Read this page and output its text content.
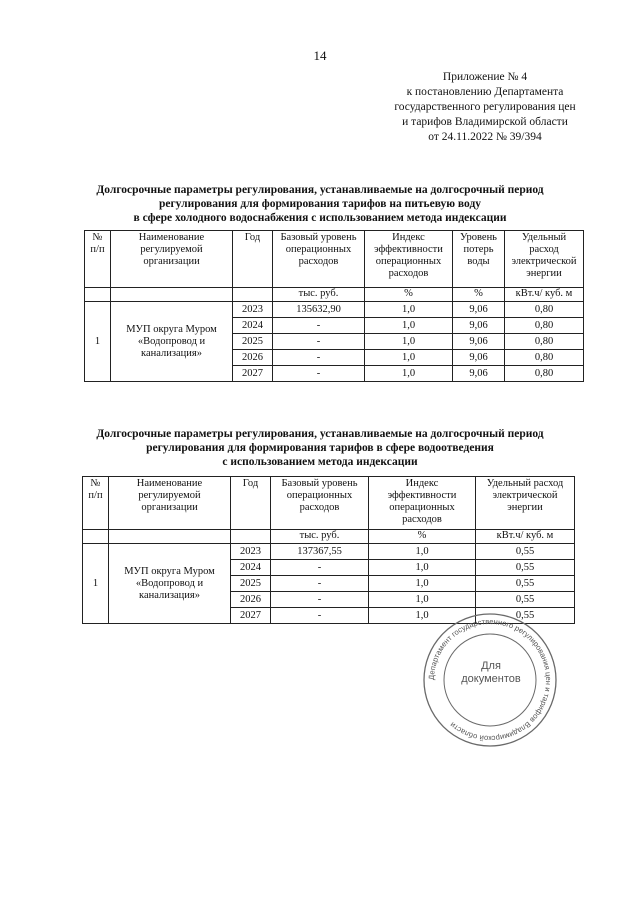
14
Приложение № 4
к постановлению Департамента
государственного регулирования цен
и тарифов Владимирской области
от 24.11.2022 № 39/394
Долгосрочные параметры регулирования, устанавливаемые на долгосрочный период
регулирования для формирования тарифов на питьевую воду
в сфере холодного водоснабжения с использованием метода индексации
№ п/п	Наименование регулируемой организации	Год	Базовый уровень операционных расходов	Индекс эффективности операционных расходов	Уровень потерь воды	Удельный расход электрической энергии
			тыс. руб.	%	%	кВт.ч/ куб. м
1	МУП округа Муром «Водопровод и канализация»	2023	135632,90	1,0	9,06	0,80
		2024	-	1,0	9,06	0,80
		2025	-	1,0	9,06	0,80
		2026	-	1,0	9,06	0,80
		2027	-	1,0	9,06	0,80
Долгосрочные параметры регулирования, устанавливаемые на долгосрочный период
регулирования для формирования тарифов в сфере водоотведения
с использованием метода индексации
№ п/п	Наименование регулируемой организации	Год	Базовый уровень операционных расходов	Индекс эффективности операционных расходов	Удельный расход электрической энергии
			тыс. руб.	%	кВт.ч/ куб. м
1	МУП округа Муром «Водопровод и канализация»	2023	137367,55	1,0	0,55
		2024	-	1,0	0,55
		2025	-	1,0	0,55
		2026	-	1,0	0,55
		2027	-	1,0	0,55
Департамент государственного регулирования цен и тарифов Владимирской области
Для
документов
